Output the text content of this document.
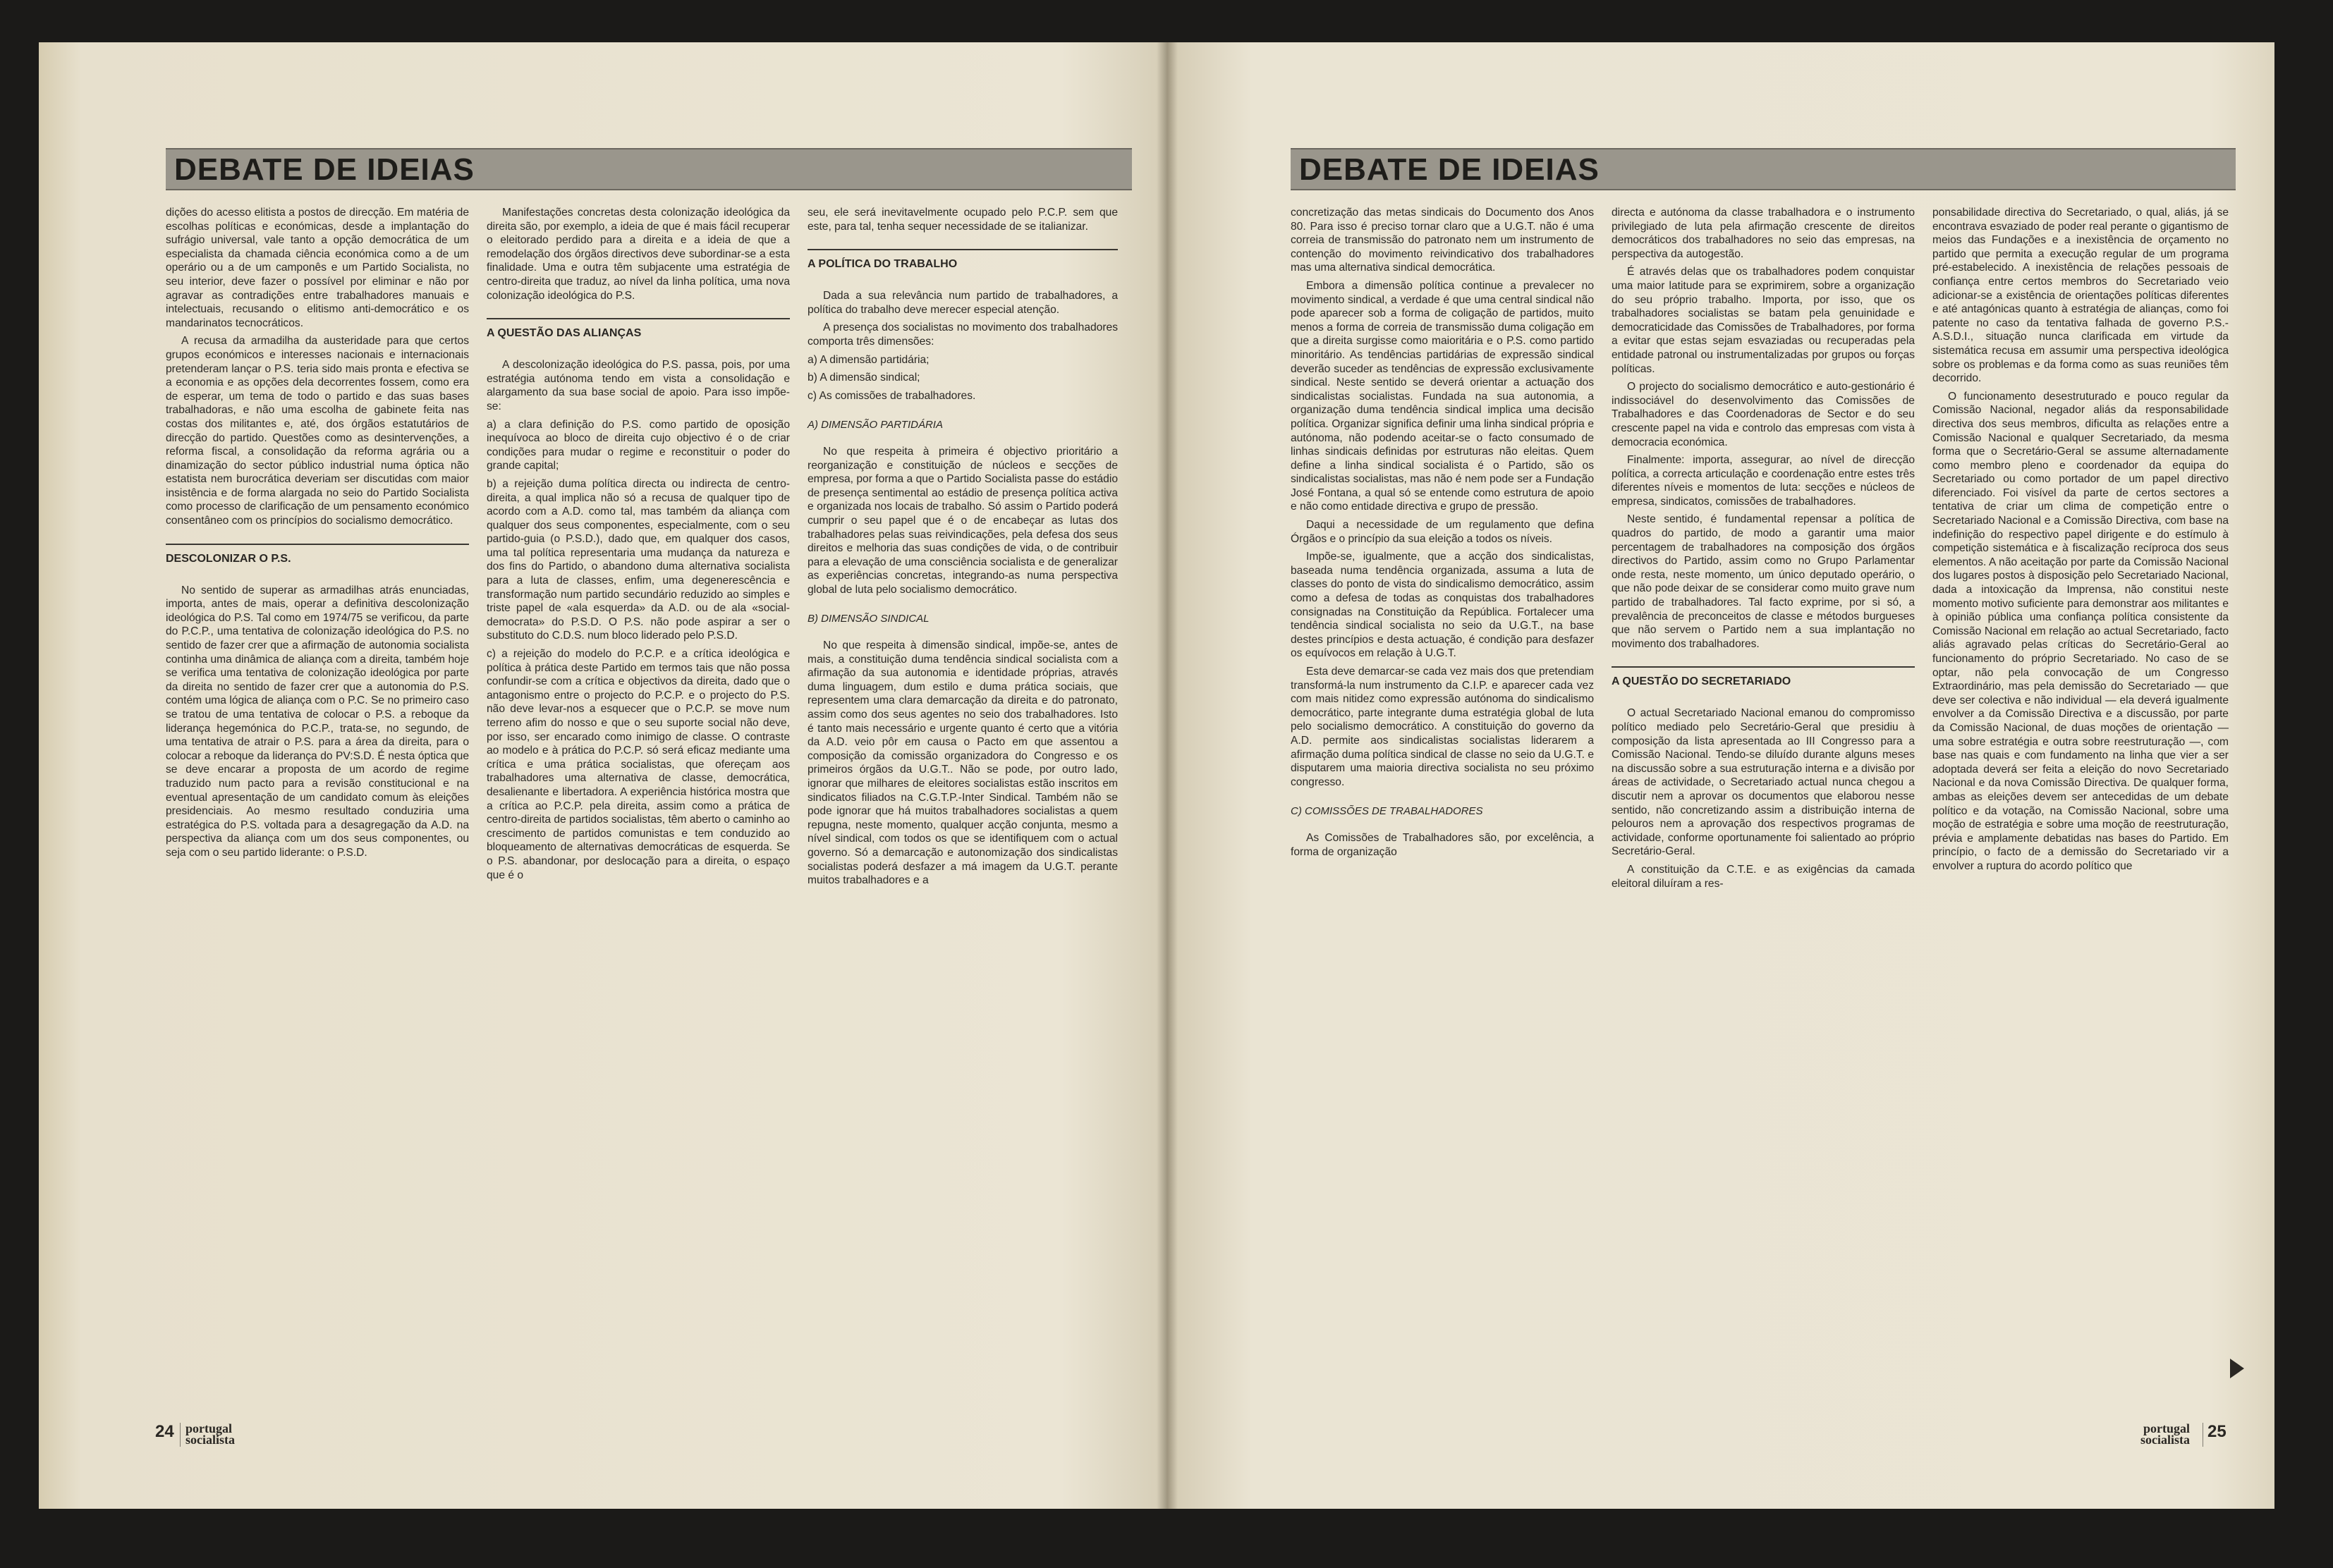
DEBATE DE IDEIAS

dições do acesso elitista a postos de direcção. Em matéria de escolhas políticas e económicas, desde a implantação do sufrágio universal, vale tanto a opção democrática de um especialista da chamada ciência económica como a de um operário ou a de um camponês e um Partido Socialista, no seu interior, deve fazer o possível por eliminar e não por agravar as contradições entre trabalhadores manuais e intelectuais, recusando o elitismo anti-democrático e os mandarinatos tecnocráticos.

A recusa da armadilha da austeridade para que certos grupos económicos e interesses nacionais e internacionais pretenderam lançar o P.S. teria sido mais pronta e efectiva se a economia e as opções dela decorrentes fossem, como era de esperar, um tema de todo o partido e das suas bases trabalhadoras, e não uma escolha de gabinete feita nas costas dos militantes e, até, dos órgãos estatutários de direcção do partido. Questões como as desintervenções, a reforma fiscal, a consolidação da reforma agrária ou a dinamização do sector público industrial numa óptica não estatista nem burocrática deveriam ser discutidas com maior insistência e de forma alargada no seio do Partido Socialista como processo de clarificação de um pensamento económico consentâneo com os princípios do socialismo democrático.

DESCOLONIZAR O P.S.

No sentido de superar as armadilhas atrás enunciadas, importa, antes de mais, operar a definitiva descolonização ideológica do P.S. Tal como em 1974/75 se verificou, da parte do P.C.P., uma tentativa de colonização ideológica do P.S. no sentido de fazer crer que a afirmação de autonomia socialista continha uma dinâmica de aliança com a direita, também hoje se verifica uma tentativa de colonização ideológica por parte da direita no sentido de fazer crer que a autonomia do P.S. contém uma lógica de aliança com o P.C. Se no primeiro caso se tratou de uma tentativa de colocar o P.S. a reboque da liderança hegemónica do P.C.P., trata-se, no segundo, de uma tentativa de atrair o P.S. para a área da direita, para o colocar a reboque da liderança do PV:S.D. É nesta óptica que se deve encarar a proposta de um acordo de regime traduzido num pacto para a revisão constitucional e na eventual apresentação de um candidato comum às eleições presidenciais. Ao mesmo resultado conduziria uma estratégica do P.S. voltada para a desagregação da A.D. na perspectiva da aliança com um dos seus componentes, ou seja com o seu partido liderante: o P.S.D.

Manifestações concretas desta colonização ideológica da direita são, por exemplo, a ideia de que é mais fácil recuperar o eleitorado perdido para a direita e a ideia de que a remodelação dos órgãos directivos deve subordinar-se a esta finalidade. Uma e outra têm subjacente uma estratégia de centro-direita que traduz, ao nível da linha política, uma nova colonização ideológica do P.S.

A QUESTÃO DAS ALIANÇAS

A descolonização ideológica do P.S. passa, pois, por uma estratégia autónoma tendo em vista a consolidação e alargamento da sua base social de apoio. Para isso impõe-se:

a) a clara definição do P.S. como partido de oposição inequívoca ao bloco de direita cujo objectivo é o de criar condições para mudar o regime e reconstituir o poder do grande capital;

b) a rejeição duma política directa ou indirecta de centro-direita, a qual implica não só a recusa de qualquer tipo de acordo com a A.D. como tal, mas também da aliança com qualquer dos seus componentes, especialmente, com o seu partido-guia (o P.S.D.), dado que, em qualquer dos casos, uma tal política representaria uma mudança da natureza e dos fins do Partido, o abandono duma alternativa socialista para a luta de classes, enfim, uma degenerescência e transformação num partido secundário reduzido ao simples e triste papel de «ala esquerda» da A.D. ou de ala «social-democrata» do P.S.D. O P.S. não pode aspirar a ser o substituto do C.D.S. num bloco liderado pelo P.S.D.

c) a rejeição do modelo do P.C.P. e a crítica ideológica e política à prática deste Partido em termos tais que não possa confundir-se com a crítica e objectivos da direita, dado que o antagonismo entre o projecto do P.C.P. e o projecto do P.S. não deve levar-nos a esquecer que o P.C.P. se move num terreno afim do nosso e que o seu suporte social não deve, por isso, ser encarado como inimigo de classe. O contraste ao modelo e à prática do P.C.P. só será eficaz mediante uma crítica e uma prática socialistas, que ofereçam aos trabalhadores uma alternativa de classe, democrática, desalienante e libertadora. A experiência histórica mostra que a crítica ao P.C.P. pela direita, assim como a prática de centro-direita de partidos socialistas, têm aberto o caminho ao crescimento de partidos comunistas e tem conduzido ao bloqueamento de alternativas democráticas de esquerda. Se o P.S. abandonar, por deslocação para a direita, o espaço que é o

seu, ele será inevitavelmente ocupado pelo P.C.P. sem que este, para tal, tenha sequer necessidade de se italianizar.

A POLÍTICA DO TRABALHO

Dada a sua relevância num partido de trabalhadores, a política do trabalho deve merecer especial atenção.

A presença dos socialistas no movimento dos trabalhadores comporta três dimensões:

a) A dimensão partidária;

b) A dimensão sindical;

c) As comissões de trabalhadores.

A) DIMENSÃO PARTIDÁRIA

No que respeita à primeira é objectivo prioritário a reorganização e constituição de núcleos e secções de empresa, por forma a que o Partido Socialista passe do estádio de presença sentimental ao estádio de presença política activa e organizada nos locais de trabalho. Só assim o Partido poderá cumprir o seu papel que é o de encabeçar as lutas dos trabalhadores pelas suas reivindicações, pela defesa dos seus direitos e melhoria das suas condições de vida, o de contribuir para a elevação de uma consciência socialista e de generalizar as experiências concretas, integrando-as numa perspectiva global de luta pelo socialismo democrático.

B) DIMENSÃO SINDICAL

No que respeita à dimensão sindical, impõe-se, antes de mais, a constituição duma tendência sindical socialista com a afirmação da sua autonomia e identidade próprias, através duma linguagem, dum estilo e duma prática sociais, que representem uma clara demarcação da direita e do patronato, assim como dos seus agentes no seio dos trabalhadores. Isto é tanto mais necessário e urgente quanto é certo que a vitória da A.D. veio pôr em causa o Pacto em que assentou a composição da comissão organizadora do Congresso e os primeiros órgãos da U.G.T.. Não se pode, por outro lado, ignorar que milhares de eleitores socialistas estão inscritos em sindicatos filiados na C.G.T.P.-Inter Sindical. Também não se pode ignorar que há muitos trabalhadores socialistas a quem repugna, neste momento, qualquer acção conjunta, mesmo a nível sindical, com todos os que se identifiquem com o actual governo. Só a demarcação e autonomização dos sindicalistas socialistas poderá desfazer a má imagem da U.G.T. perante muitos trabalhadores e a

24 portugal
socialista
DEBATE DE IDEIAS

concretização das metas sindicais do Documento dos Anos 80. Para isso é preciso tornar claro que a U.G.T. não é uma correia de transmissão do patronato nem um instrumento de contenção do movimento reivindicativo dos trabalhadores mas uma alternativa sindical democrática.

Embora a dimensão política continue a prevalecer no movimento sindical, a verdade é que uma central sindical não pode aparecer sob a forma de coligação de partidos, muito menos a forma de correia de transmissão duma coligação em que a direita surgisse como maioritária e o P.S. como partido minoritário. As tendências partidárias de expressão sindical deverão suceder as tendências de expressão exclusivamente sindical. Neste sentido se deverá orientar a actuação dos sindicalistas socialistas. Fundada na sua autonomia, a organização duma tendência sindical implica uma decisão política. Organizar significa definir uma linha sindical própria e autónoma, não podendo aceitar-se o facto consumado de linhas sindicais definidas por estruturas não eleitas. Quem define a linha sindical socialista é o Partido, são os sindicalistas socialistas, mas não é nem pode ser a Fundação José Fontana, a qual só se entende como estrutura de apoio e não como entidade directiva e grupo de pressão.

Daqui a necessidade de um regulamento que defina Órgãos e o princípio da sua eleição a todos os níveis.

Impõe-se, igualmente, que a acção dos sindicalistas, baseada numa tendência organizada, assuma a luta de classes do ponto de vista do sindicalismo democrático, assim como a defesa de todas as conquistas dos trabalhadores consignadas na Constituição da República. Fortalecer uma tendência sindical socialista no seio da U.G.T., na base destes princípios e desta actuação, é condição para desfazer os equívocos em relação à U.G.T.

Esta deve demarcar-se cada vez mais dos que pretendiam transformá-la num instrumento da C.I.P. e aparecer cada vez com mais nitidez como expressão autónoma do sindicalismo democrático, parte integrante duma estratégia global de luta pelo socialismo democrático. A constituição do governo da A.D. permite aos sindicalistas socialistas liderarem a afirmação duma política sindical de classe no seio da U.G.T. e disputarem uma maioria directiva socialista no seu próximo congresso.

C) COMISSÕES DE TRABALHADORES

As Comissões de Trabalhadores são, por excelência, a forma de organização

directa e autónoma da classe trabalhadora e o instrumento privilegiado de luta pela afirmação crescente de direitos democráticos dos trabalhadores no seio das empresas, na perspectiva da autogestão.

É através delas que os trabalhadores podem conquistar uma maior latitude para se exprimirem, sobre a organização do seu próprio trabalho. Importa, por isso, que os trabalhadores socialistas se batam pela genuinidade e democraticidade das Comissões de Trabalhadores, por forma a evitar que estas sejam esvaziadas ou recuperadas pela entidade patronal ou instrumentalizadas por grupos ou forças políticas.

O projecto do socialismo democrático e auto-gestionário é indissociável do desenvolvimento das Comissões de Trabalhadores e das Coordenadoras de Sector e do seu crescente papel na vida e controlo das empresas com vista à democracia económica.

Finalmente: importa, assegurar, ao nível de direcção política, a correcta articulação e coordenação entre estes três diferentes níveis e momentos de luta: secções e núcleos de empresa, sindicatos, comissões de trabalhadores.

Neste sentido, é fundamental repensar a política de quadros do partido, de modo a garantir uma maior percentagem de trabalhadores na composição dos órgãos directivos do Partido, assim como no Grupo Parlamentar onde resta, neste momento, um único deputado operário, o que não pode deixar de se considerar como muito grave num partido de trabalhadores. Tal facto exprime, por si só, a prevalência de preconceitos de classe e métodos burgueses que não servem o Partido nem a sua implantação no movimento dos trabalhadores.

A QUESTÃO DO SECRETARIADO

O actual Secretariado Nacional emanou do compromisso político mediado pelo Secretário-Geral que presidiu à composição da lista apresentada ao III Congresso para a Comissão Nacional. Tendo-se diluído durante alguns meses na discussão sobre a sua estruturação interna e a divisão por áreas de actividade, o Secretariado actual nunca chegou a discutir nem a aprovar os documentos que elaborou nesse sentido, não concretizando assim a distribuição interna de pelouros nem a aprovação dos respectivos programas de actividade, conforme oportunamente foi salientado ao próprio Secretário-Geral.

A constituição da C.T.E. e as exigências da camada eleitoral diluíram a res-

ponsabilidade directiva do Secretariado, o qual, aliás, já se encontrava esvaziado de poder real perante o gigantismo de meios das Fundações e a inexistência de orçamento no partido que permita a execução regular de um programa pré-estabelecido. A inexistência de relações pessoais de confiança entre certos membros do Secretariado veio adicionar-se a existência de orientações políticas diferentes e até antagónicas quanto à estratégia de alianças, como foi patente no caso da tentativa falhada de governo P.S.-A.S.D.I., situação nunca clarificada em virtude da sistemática recusa em assumir uma perspectiva ideológica sobre os problemas e da forma como as suas reuniões têm decorrido.

O funcionamento desestruturado e pouco regular da Comissão Nacional, negador aliás da responsabilidade directiva dos seus membros, dificulta as relações entre a Comissão Nacional e qualquer Secretariado, da mesma forma que o Secretário-Geral se assume alternadamente como membro pleno e coordenador da equipa do Secretariado ou como portador de um papel directivo diferenciado. Foi visível da parte de certos sectores a tentativa de criar um clima de competição entre o Secretariado Nacional e a Comissão Directiva, com base na indefinição do respectivo papel dirigente e do estímulo à competição sistemática e à fiscalização recíproca dos seus elementos. A não aceitação por parte da Comissão Nacional dos lugares postos à disposição pelo Secretariado Nacional, dada a intoxicação da Imprensa, não constitui neste momento motivo suficiente para demonstrar aos militantes e à opinião pública uma confiança política consistente da Comissão Nacional em relação ao actual Secretariado, facto aliás agravado pelas críticas do Secretário-Geral ao funcionamento do próprio Secretariado. No caso de se optar, não pela convocação de um Congresso Extraordinário, mas pela demissão do Secretariado — que deve ser colectiva e não individual — ela deverá igualmente envolver a da Comissão Directiva e a discussão, por parte da Comissão Nacional, de duas moções de orientação — uma sobre estratégia e outra sobre reestruturação —, com base nas quais e com fundamento na linha que vier a ser adoptada deverá ser feita a eleição do novo Secretariado Nacional e da nova Comissão Directiva. De qualquer forma, ambas as eleições devem ser antecedidas de um debate político e da votação, na Comissão Nacional, sobre uma moção de estratégia e sobre uma moção de reestruturação, prévia e amplamente debatidas nas bases do Partido. Em princípio, o facto de a demissão do Secretariado vir a envolver a ruptura do acordo político que

portugal
socialista 25
